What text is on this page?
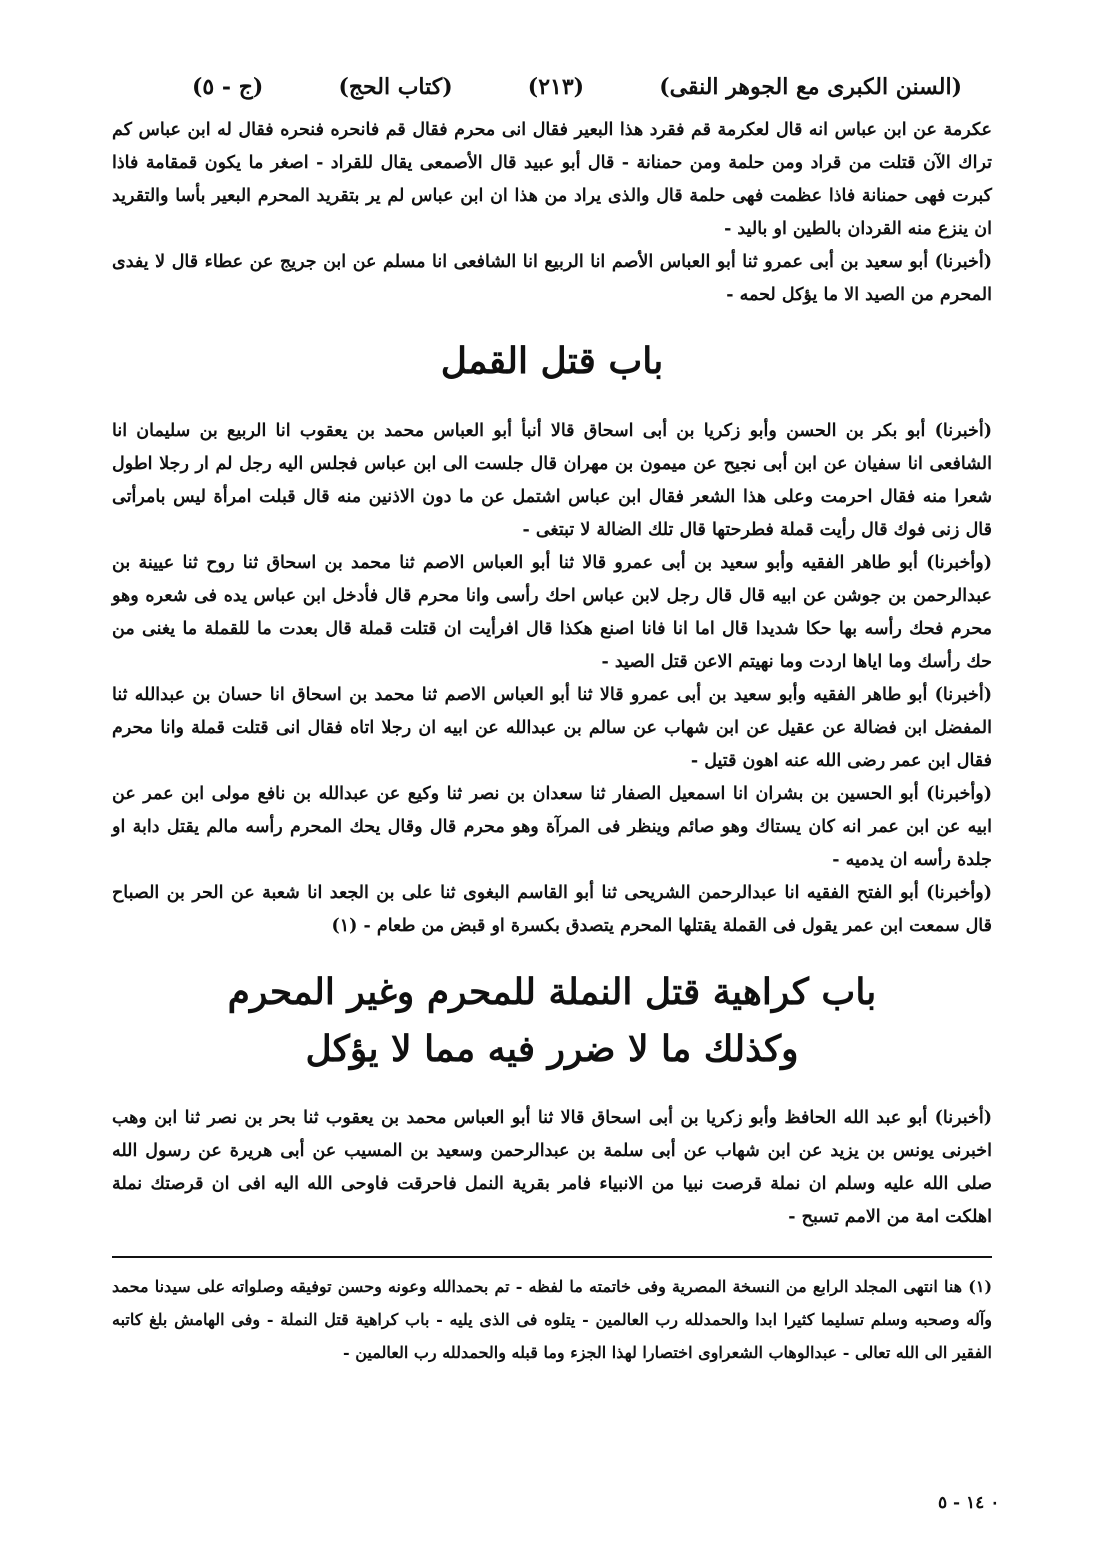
(السنن الكبرى مع الجوهر النقى)
(٢١٣)
(كتاب الحج)
(ج - ٥)

عكرمة عن ابن عباس انه قال لعكرمة قم فقرد هذا البعير فقال انى محرم فقال قم فانحره فنحره فقال له ابن عباس كم تراك الآن قتلت من قراد ومن حلمة ومن حمنانة - قال أبو عبيد قال الأصمعى يقال للقراد - اصغر ما يكون قمقامة فاذا كبرت فهى حمنانة فاذا عظمت فهى حلمة قال والذى يراد من هذا ان ابن عباس لم ير بتقريد المحرم البعير بأسا والتقريد ان ينزع منه القردان بالطين او باليد -

(أخبرنا) أبو سعيد بن أبى عمرو ثنا أبو العباس الأصم انا الربيع انا الشافعى انا مسلم عن ابن جريج عن عطاء قال لا يفدى المحرم من الصيد الا ما يؤكل لحمه -

باب قتل القمل

(أخبرنا) أبو بكر بن الحسن وأبو زكريا بن أبى اسحاق قالا أنبأ أبو العباس محمد بن يعقوب انا الربيع بن سليمان انا الشافعى انا سفيان عن ابن أبى نجيح عن ميمون بن مهران قال جلست الى ابن عباس فجلس اليه رجل لم ار رجلا اطول شعرا منه فقال احرمت وعلى هذا الشعر فقال ابن عباس اشتمل عن ما دون الاذنين منه قال قبلت امرأة ليس بامرأتى قال زنى فوك قال رأيت قملة فطرحتها قال تلك الضالة لا تبتغى -

(وأخبرنا) أبو طاهر الفقيه وأبو سعيد بن أبى عمرو قالا ثنا أبو العباس الاصم ثنا محمد بن اسحاق ثنا روح ثنا عيينة بن عبدالرحمن بن جوشن عن ابيه قال قال رجل لابن عباس احك رأسى وانا محرم قال فأدخل ابن عباس يده فى شعره وهو محرم فحك رأسه بها حكا شديدا قال اما انا فانا اصنع هكذا قال افرأيت ان قتلت قملة قال بعدت ما للقملة ما يغنى من حك رأسك وما اياها اردت وما نهيتم الاعن قتل الصيد -

(أخبرنا) أبو طاهر الفقيه وأبو سعيد بن أبى عمرو قالا ثنا أبو العباس الاصم ثنا محمد بن اسحاق انا حسان بن عبدالله ثنا المفضل ابن فضالة عن عقيل عن ابن شهاب عن سالم بن عبدالله عن ابيه ان رجلا اتاه فقال انى قتلت قملة وانا محرم فقال ابن عمر رضى الله عنه اهون قتيل -

(وأخبرنا) أبو الحسين بن بشران انا اسمعيل الصفار ثنا سعدان بن نصر ثنا وكيع عن عبدالله بن نافع مولى ابن عمر عن ابيه عن ابن عمر انه كان يستاك وهو صائم وينظر فى المرآة وهو محرم قال وقال يحك المحرم رأسه مالم يقتل دابة او جلدة رأسه ان يدميه -

(وأخبرنا) أبو الفتح الفقيه انا عبدالرحمن الشريحى ثنا أبو القاسم البغوى ثنا على بن الجعد انا شعبة عن الحر بن الصباح قال سمعت ابن عمر يقول فى القملة يقتلها المحرم يتصدق بكسرة او قبض من طعام - (١)

باب كراهية قتل النملة للمحرم وغير المحرم
وكذلك ما لا ضرر فيه مما لا يؤكل

(أخبرنا) أبو عبد الله الحافظ وأبو زكريا بن أبى اسحاق قالا ثنا أبو العباس محمد بن يعقوب ثنا بحر بن نصر ثنا ابن وهب اخبرنى يونس بن يزيد عن ابن شهاب عن أبى سلمة بن عبدالرحمن وسعيد بن المسيب عن أبى هريرة عن رسول الله صلى الله عليه وسلم ان نملة قرصت نبيا من الانبياء فامر بقرية النمل فاحرقت فاوحى الله اليه افى ان قرصتك نملة اهلكت امة من الامم تسبح -

(١) هنا انتهى المجلد الرابع من النسخة المصرية وفى خاتمته ما لفظه - تم بحمدالله وعونه وحسن توفيقه وصلواته على سيدنا محمد وآله وصحبه وسلم تسليما كثيرا ابدا والحمدلله رب العالمين - يتلوه فى الذى يليه - باب كراهية قتل النملة - وفى الهامش بلغ كاتبه الفقير الى الله تعالى - عبدالوهاب الشعراوى اختصارا لهذا الجزء وما قبله والحمدلله رب العالمين -

٠ ١٤ - ٥
